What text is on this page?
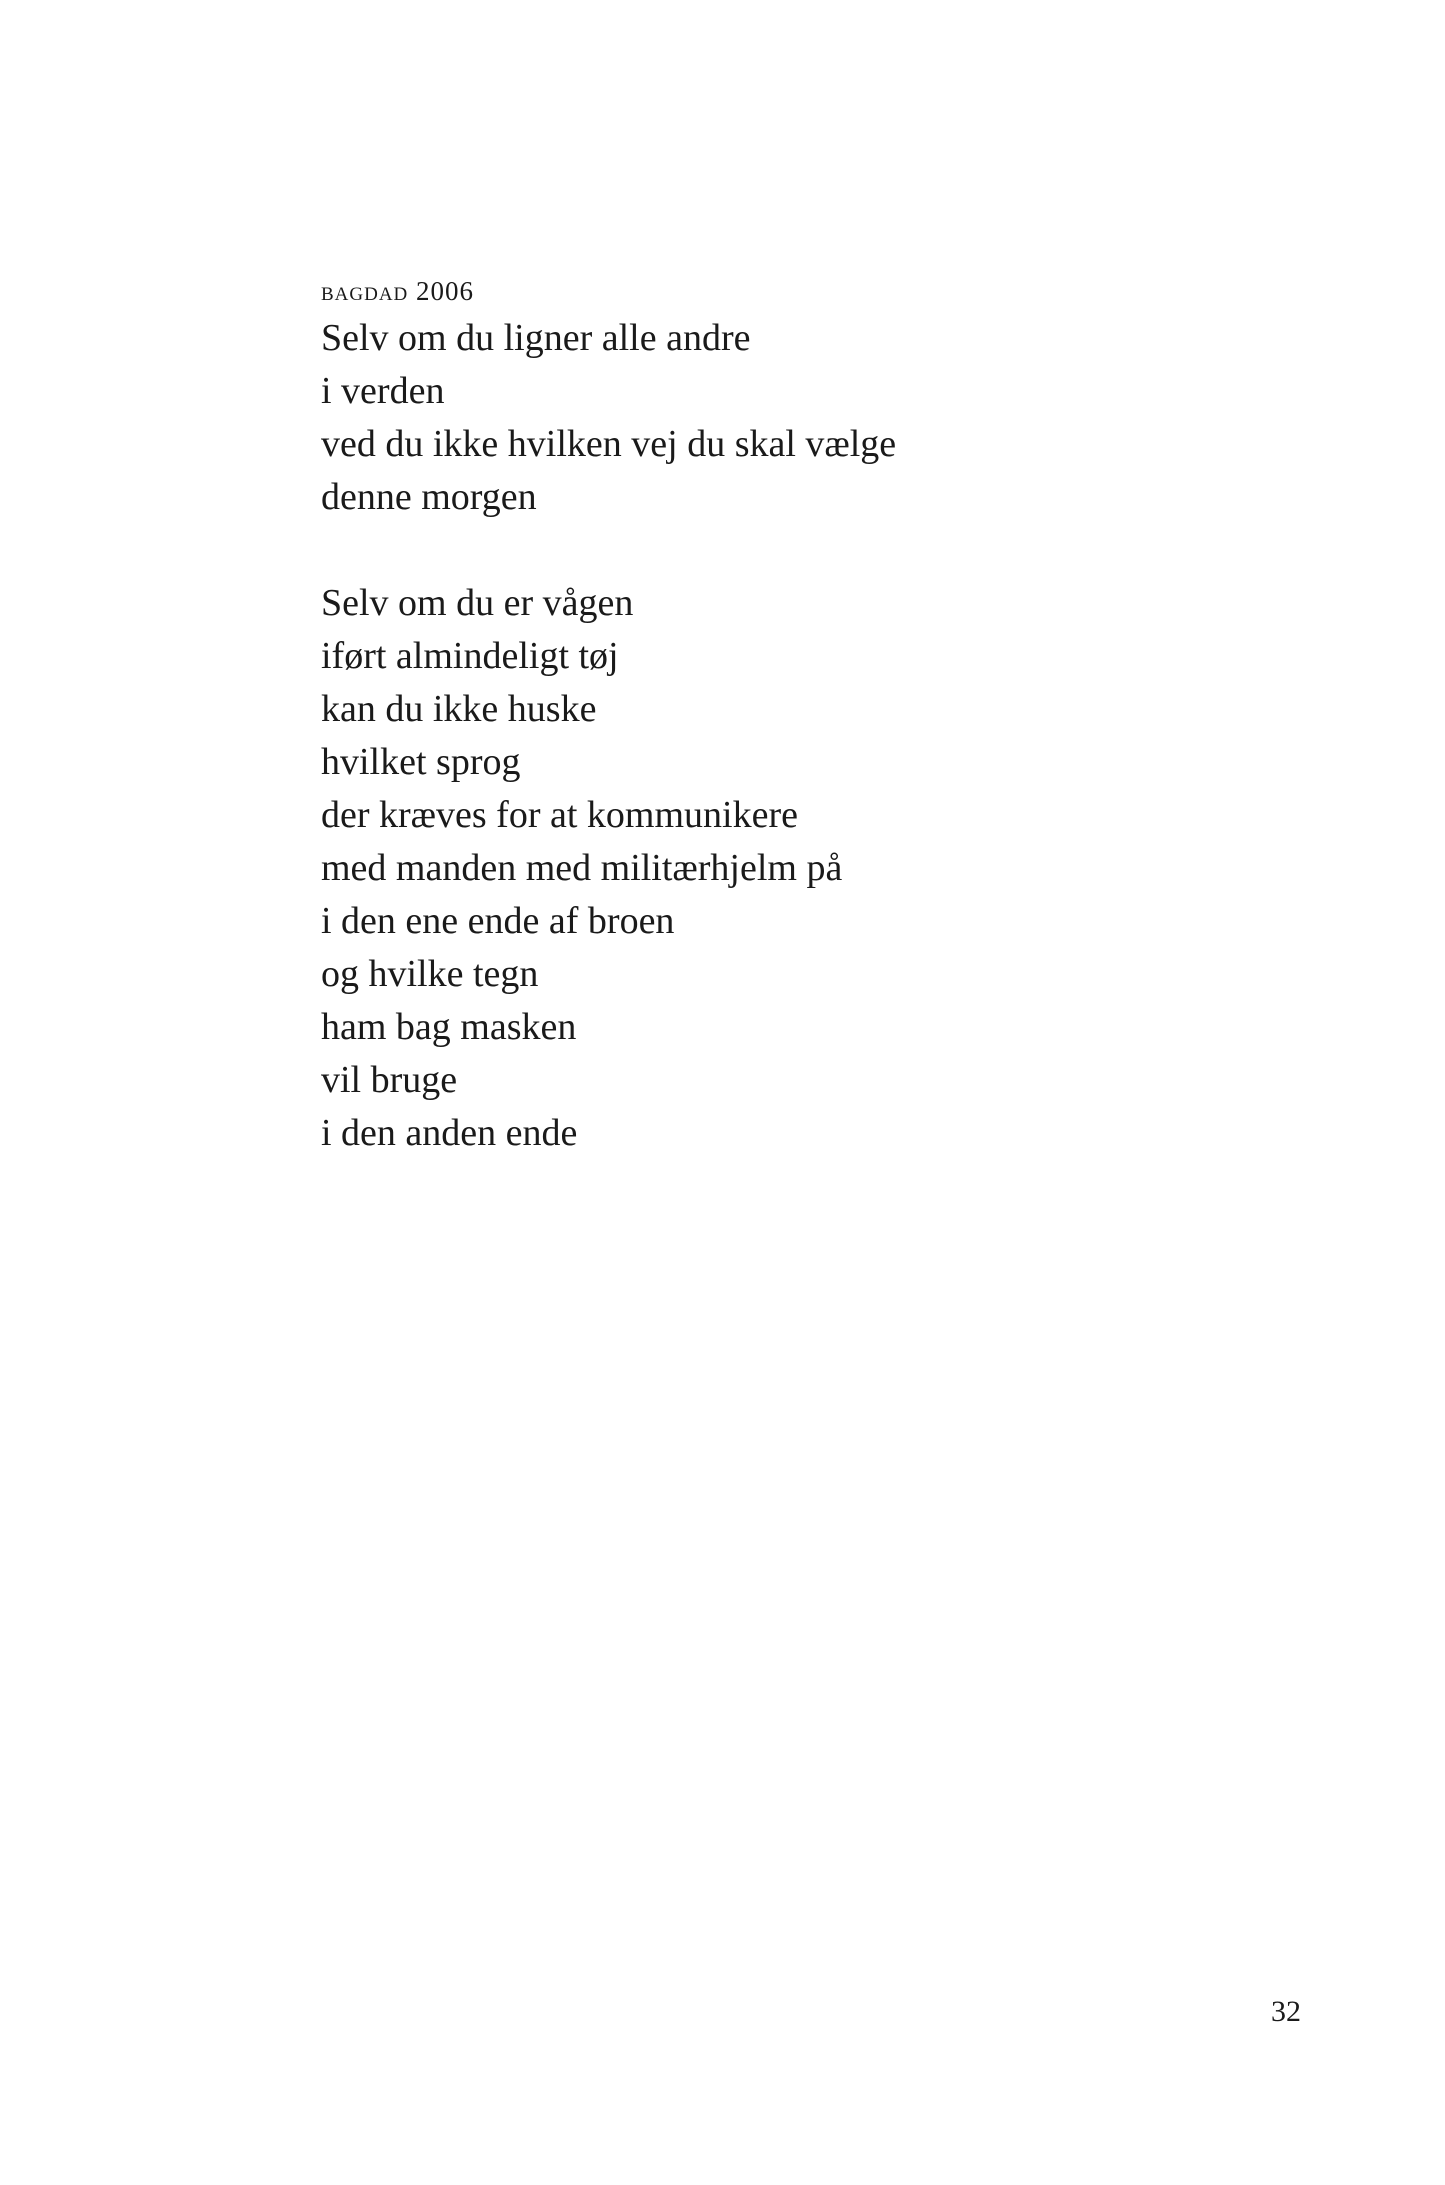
bagdad 2006
Selv om du ligner alle andre
i verden
ved du ikke hvilken vej du skal vælge
denne morgen
Selv om du er vågen
iført almindeligt tøj
kan du ikke huske
hvilket sprog
der kræves for at kommunikere
med manden med militærhjelm på
i den ene ende af broen
og hvilke tegn
ham bag masken
vil bruge
i den anden ende
32
